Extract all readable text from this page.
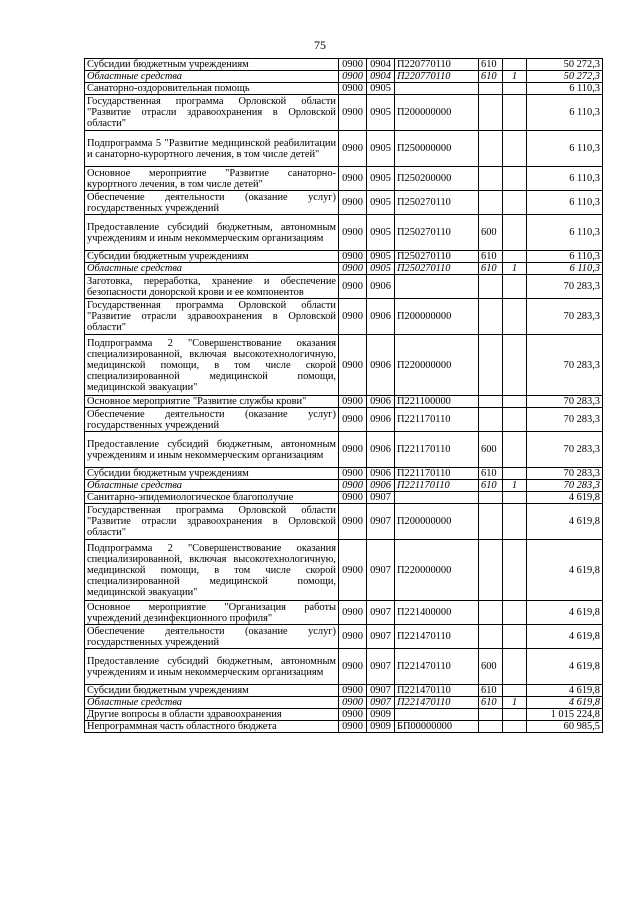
75
Субсидии бюджетным учреждениям	0900	0904	П220770110	610		50 272,3
Областные средства	0900	0904	П220770110	610	1	50 272,3
Санаторно-оздоровительная помощь	0900	0905				6 110,3
Государственная программа Орловской области "Развитие отрасли здравоохранения в Орловской области"	0900	0905	П200000000			6 110,3
Подпрограмма 5 "Развитие медицинской реабилитации и санаторно-курортного лечения, в том числе детей"	0900	0905	П250000000			6 110,3
Основное мероприятие "Развитие санаторно-курортного лечения, в том числе детей"	0900	0905	П250200000			6 110,3
Обеспечение деятельности (оказание услуг) государственных учреждений	0900	0905	П250270110			6 110,3
Предоставление субсидий бюджетным, автономным учреждениям и иным некоммерческим организациям	0900	0905	П250270110	600		6 110,3
Субсидии бюджетным учреждениям	0900	0905	П250270110	610		6 110,3
Областные средства	0900	0905	П250270110	610	1	6 110,3
Заготовка, переработка, хранение и обеспечение безопасности донорской крови и ее компонентов	0900	0906				70 283,3
Государственная программа Орловской области "Развитие отрасли здравоохранения в Орловской области"	0900	0906	П200000000			70 283,3
Подпрограмма 2 "Совершенствование оказания специализированной, включая высокотехнологичную, медицинской помощи, в том числе скорой специализированной медицинской помощи, медицинской эвакуации"	0900	0906	П220000000			70 283,3
Основное мероприятие "Развитие службы крови"	0900	0906	П221100000			70 283,3
Обеспечение деятельности (оказание услуг) государственных учреждений	0900	0906	П221170110			70 283,3
Предоставление субсидий бюджетным, автономным учреждениям и иным некоммерческим организациям	0900	0906	П221170110	600		70 283,3
Субсидии бюджетным учреждениям	0900	0906	П221170110	610		70 283,3
Областные средства	0900	0906	П221170110	610	1	70 283,3
Санитарно-эпидемиологическое благополучие	0900	0907				4 619,8
Государственная программа Орловской области "Развитие отрасли здравоохранения в Орловской области"	0900	0907	П200000000			4 619,8
Подпрограмма 2 "Совершенствование оказания специализированной, включая высокотехнологичную, медицинской помощи, в том числе скорой специализированной медицинской помощи, медицинской эвакуации"	0900	0907	П220000000			4 619,8
Основное мероприятие "Организация работы учреждений дезинфекционного профиля"	0900	0907	П221400000			4 619,8
Обеспечение деятельности (оказание услуг) государственных учреждений	0900	0907	П221470110			4 619,8
Предоставление субсидий бюджетным, автономным учреждениям и иным некоммерческим организациям	0900	0907	П221470110	600		4 619,8
Субсидии бюджетным учреждениям	0900	0907	П221470110	610		4 619,8
Областные средства	0900	0907	П221470110	610	1	4 619,8
Другие вопросы в области здравоохранения	0900	0909				1 015 224,8
Непрограммная часть областного бюджета	0900	0909	БП00000000			60 985,5
